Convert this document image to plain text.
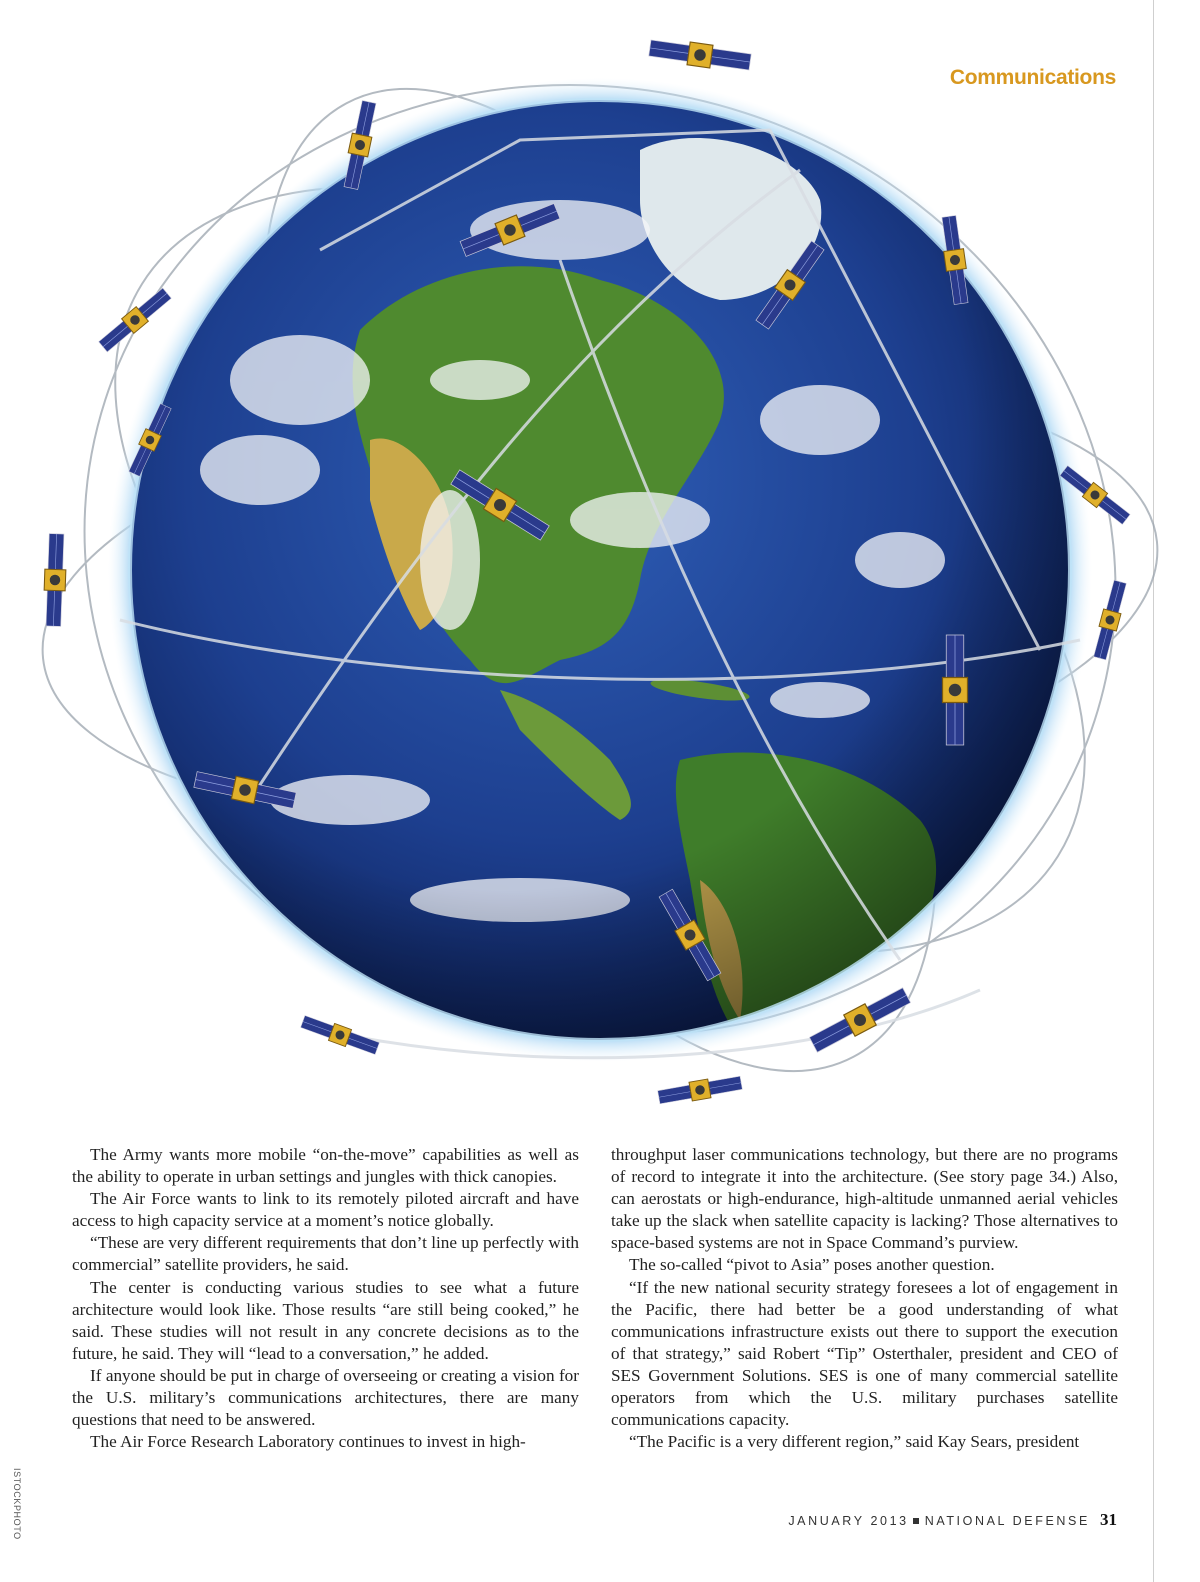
Communications
ISTOCKPHOTO

The Army wants more mobile “on-the-move” capabilities as well as the ability to operate in urban settings and jungles with thick canopies.

The Air Force wants to link to its remotely piloted aircraft and have access to high capacity service at a moment’s notice globally.

“These are very different requirements that don’t line up perfectly with commercial” satellite providers, he said.

The center is conducting various studies to see what a future architecture would look like. Those results “are still being cooked,” he said. These studies will not result in any concrete decisions as to the future, he said. They will “lead to a conversation,” he added.

If anyone should be put in charge of overseeing or creating a vision for the U.S. military’s communications architectures, there are many questions that need to be answered.

The Air Force Research Laboratory continues to invest in high-

throughput laser communications technology, but there are no programs of record to integrate it into the architecture. (See story page 34.) Also, can aerostats or high-endurance, high-altitude unmanned aerial vehicles take up the slack when satellite capacity is lacking? Those alternatives to space-based systems are not in Space Command’s purview.

The so-called “pivot to Asia” poses another question.

“If the new national security strategy foresees a lot of engagement in the Pacific, there had better be a good understanding of what communications infrastructure exists out there to support the execution of that strategy,” said Robert “Tip” Osterthaler, president and CEO of SES Government Solutions. SES is one of many commercial satellite operators from which the U.S. military purchases satellite communications capacity.

“The Pacific is a very different region,” said Kay Sears, president

JANUARY 2013 NATIONAL DEFENSE 31
